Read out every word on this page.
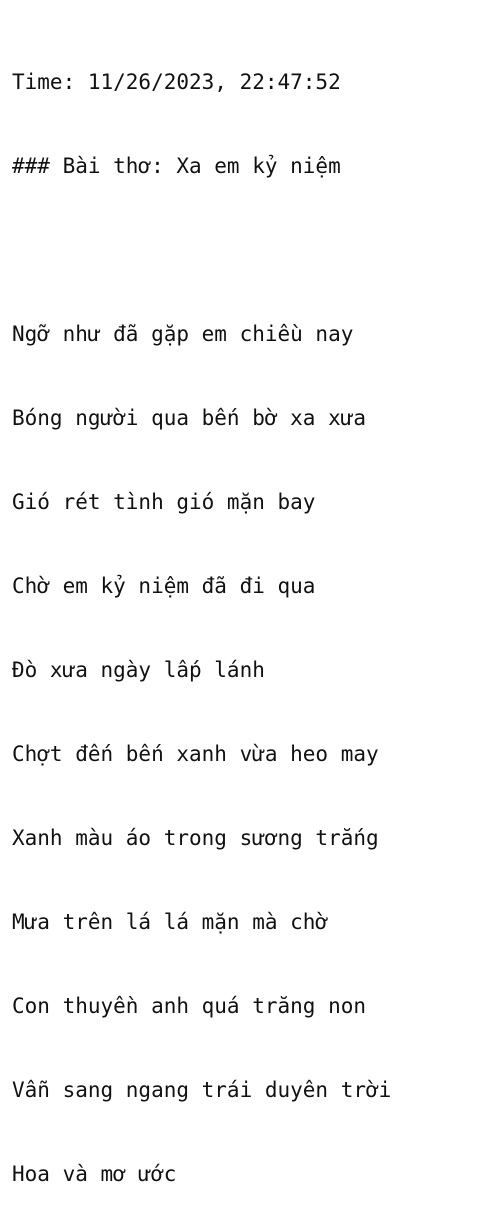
Time: 11/26/2023, 22:47:52

### Bài thơ: Xa em kỷ niệm

Ngỡ như đã gặp em chiều nay

Bóng người qua bến bờ xa xưa

Gió rét tình gió mặn bay

Chờ em kỷ niệm đã đi qua

Đò xưa ngày lấp lánh

Chợt đến bến xanh vừa heo may

Xanh màu áo trong sương trắng

Mưa trên lá lá mặn mà chờ

Con thuyền anh quá trăng non

Vẫn sang ngang trái duyên trời

Hoa và mơ ước
